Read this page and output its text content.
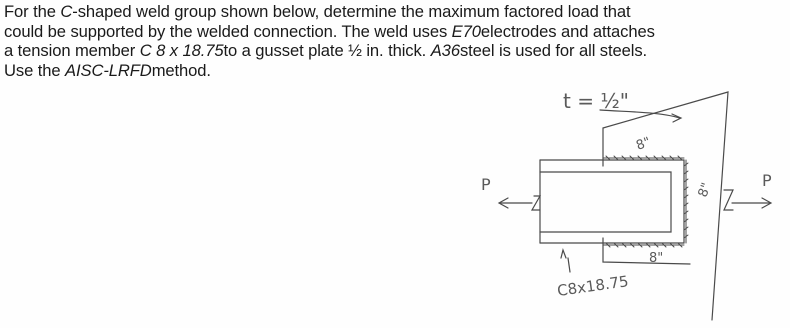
For the C-shaped weld group shown below, determine the maximum factored load that
could be supported by the welded connection. The weld uses E70electrodes and attaches
a tension member C 8 x 18.75to a gusset plate ½ in. thick. A36steel is used for all steels.
Use the AISC-LRFDmethod.
t = ½"
8"
8"
8"
P	P
C8x18.75
